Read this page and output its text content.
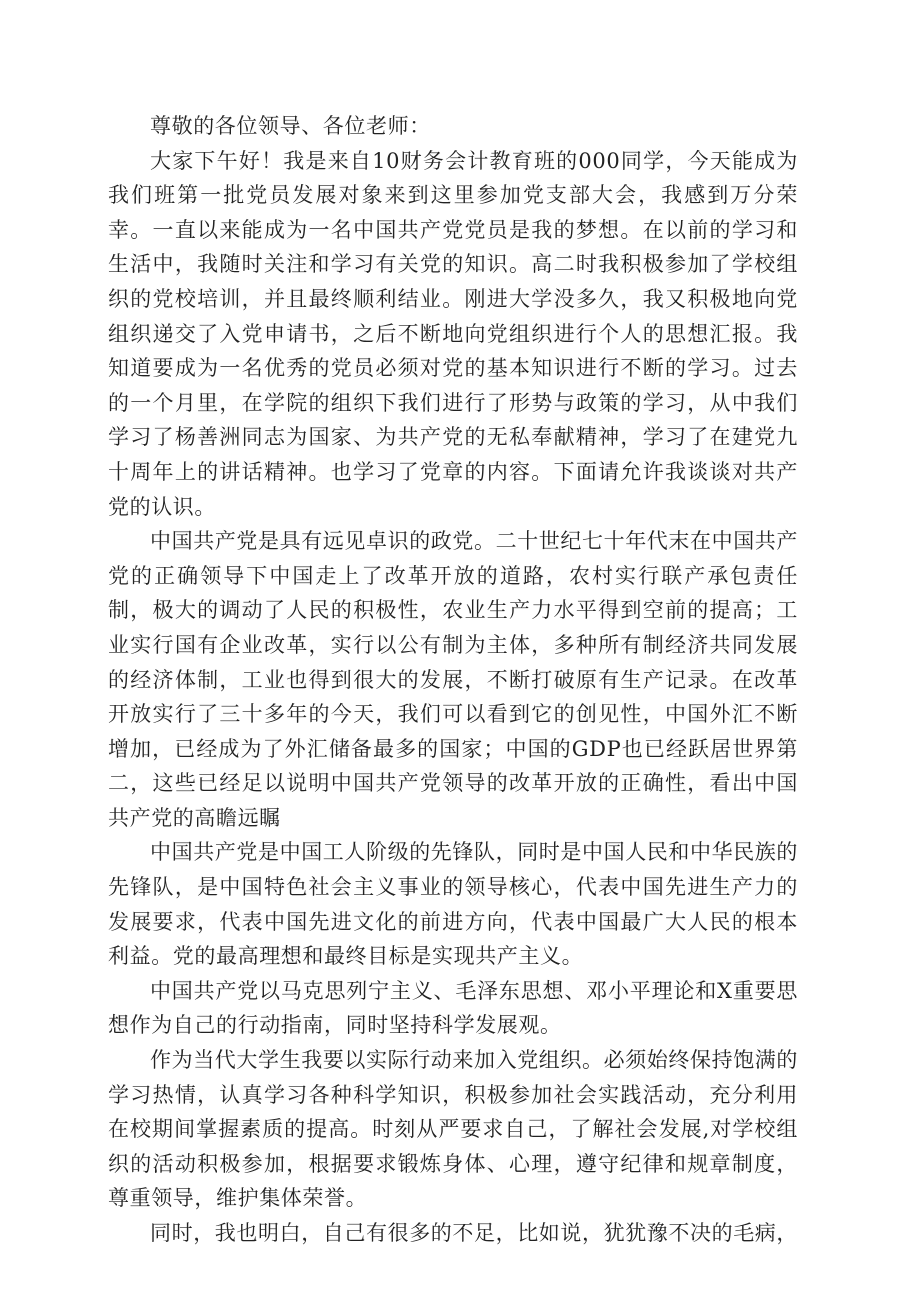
尊敬的各位领导、各位老师：

大家下午好！我是来自10财务会计教育班的000同学，今天能成为我们班第一批党员发展对象来到这里参加党支部大会，我感到万分荣幸。一直以来能成为一名中国共产党党员是我的梦想。在以前的学习和生活中，我随时关注和学习有关党的知识。高二时我积极参加了学校组织的党校培训，并且最终顺利结业。刚进大学没多久，我又积极地向党组织递交了入党申请书，之后不断地向党组织进行个人的思想汇报。我知道要成为一名优秀的党员必须对党的基本知识进行不断的学习。过去的一个月里，在学院的组织下我们进行了形势与政策的学习，从中我们学习了杨善洲同志为国家、为共产党的无私奉献精神，学习了在建党九十周年上的讲话精神。也学习了党章的内容。下面请允许我谈谈对共产党的认识。

中国共产党是具有远见卓识的政党。二十世纪七十年代末在中国共产党的正确领导下中国走上了改革开放的道路，农村实行联产承包责任制，极大的调动了人民的积极性，农业生产力水平得到空前的提高；工业实行国有企业改革，实行以公有制为主体，多种所有制经济共同发展的经济体制，工业也得到很大的发展，不断打破原有生产记录。在改革开放实行了三十多年的今天，我们可以看到它的创见性，中国外汇不断增加，已经成为了外汇储备最多的国家；中国的GDP也已经跃居世界第二，这些已经足以说明中国共产党领导的改革开放的正确性，看出中国共产党的高瞻远瞩

中国共产党是中国工人阶级的先锋队，同时是中国人民和中华民族的先锋队，是中国特色社会主义事业的领导核心，代表中国先进生产力的发展要求，代表中国先进文化的前进方向，代表中国最广大人民的根本利益。党的最高理想和最终目标是实现共产主义。

中国共产党以马克思列宁主义、毛泽东思想、邓小平理论和X重要思想作为自己的行动指南，同时坚持科学发展观。

作为当代大学生我要以实际行动来加入党组织。必须始终保持饱满的学习热情，认真学习各种科学知识，积极参加社会实践活动，充分利用在校期间掌握素质的提高。时刻从严要求自己，了解社会发展,对学校组织的活动积极参加，根据要求锻炼身体、心理，遵守纪律和规章制度，尊重领导，维护集体荣誉。

同时，我也明白，自己有很多的不足，比如说，犹犹豫不决的毛病，
